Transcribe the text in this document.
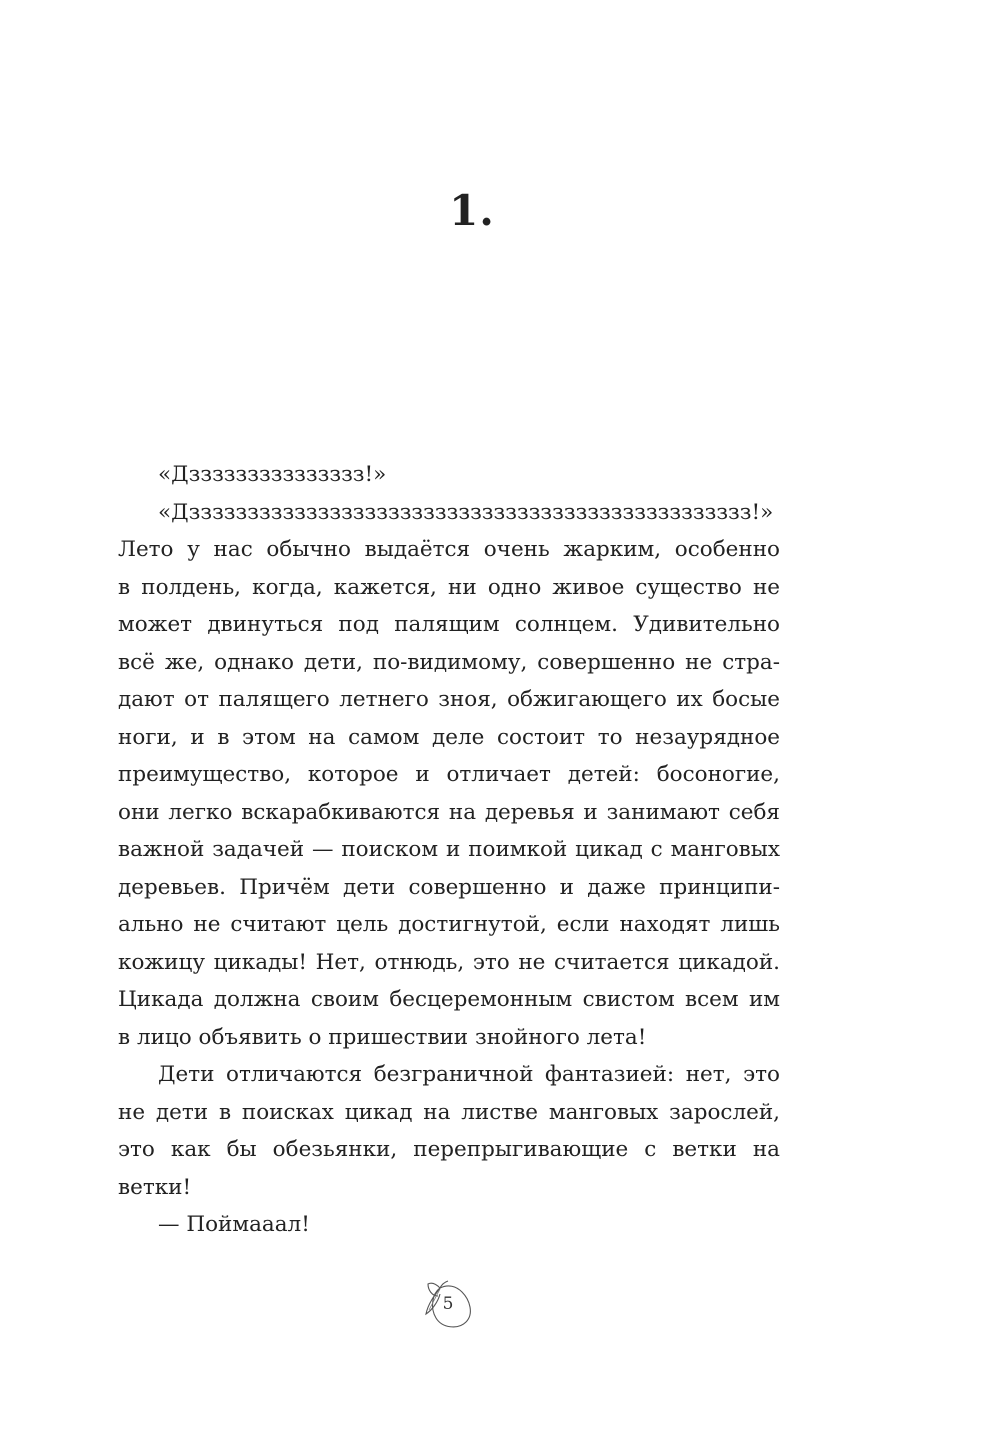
1.
«Дззззззззззззззз!»
«Дзззззззззззззззззззззззззззззззззззззззззззззззз!»
Лето у нас обычно выдаётся очень жарким, особенно
в полдень, когда, кажется, ни одно живое существо не
может двинуться под палящим солнцем. Удивительно
всё же, однако дети, по-видимому, совершенно не стра-
дают от палящего летнего зноя, обжигающего их босые
ноги, и в этом на самом деле состоит то незаурядное
преимущество, которое и отличает детей: босоногие,
они легко вскарабкиваются на деревья и занимают себя
важной задачей — поиском и поимкой цикад с манговых
деревьев. Причём дети совершенно и даже принципи-
ально не считают цель достигнутой, если находят лишь
кожицу цикады! Нет, отнюдь, это не считается цикадой.
Цикада должна своим бесцеремонным свистом всем им
в лицо объявить о пришествии знойного лета!
Дети отличаются безграничной фантазией: нет, это
не дети в поисках цикад на листве манговых зарослей,
это как бы обезьянки, перепрыгивающие с ветки на
ветки!
— Поймааал!
5
